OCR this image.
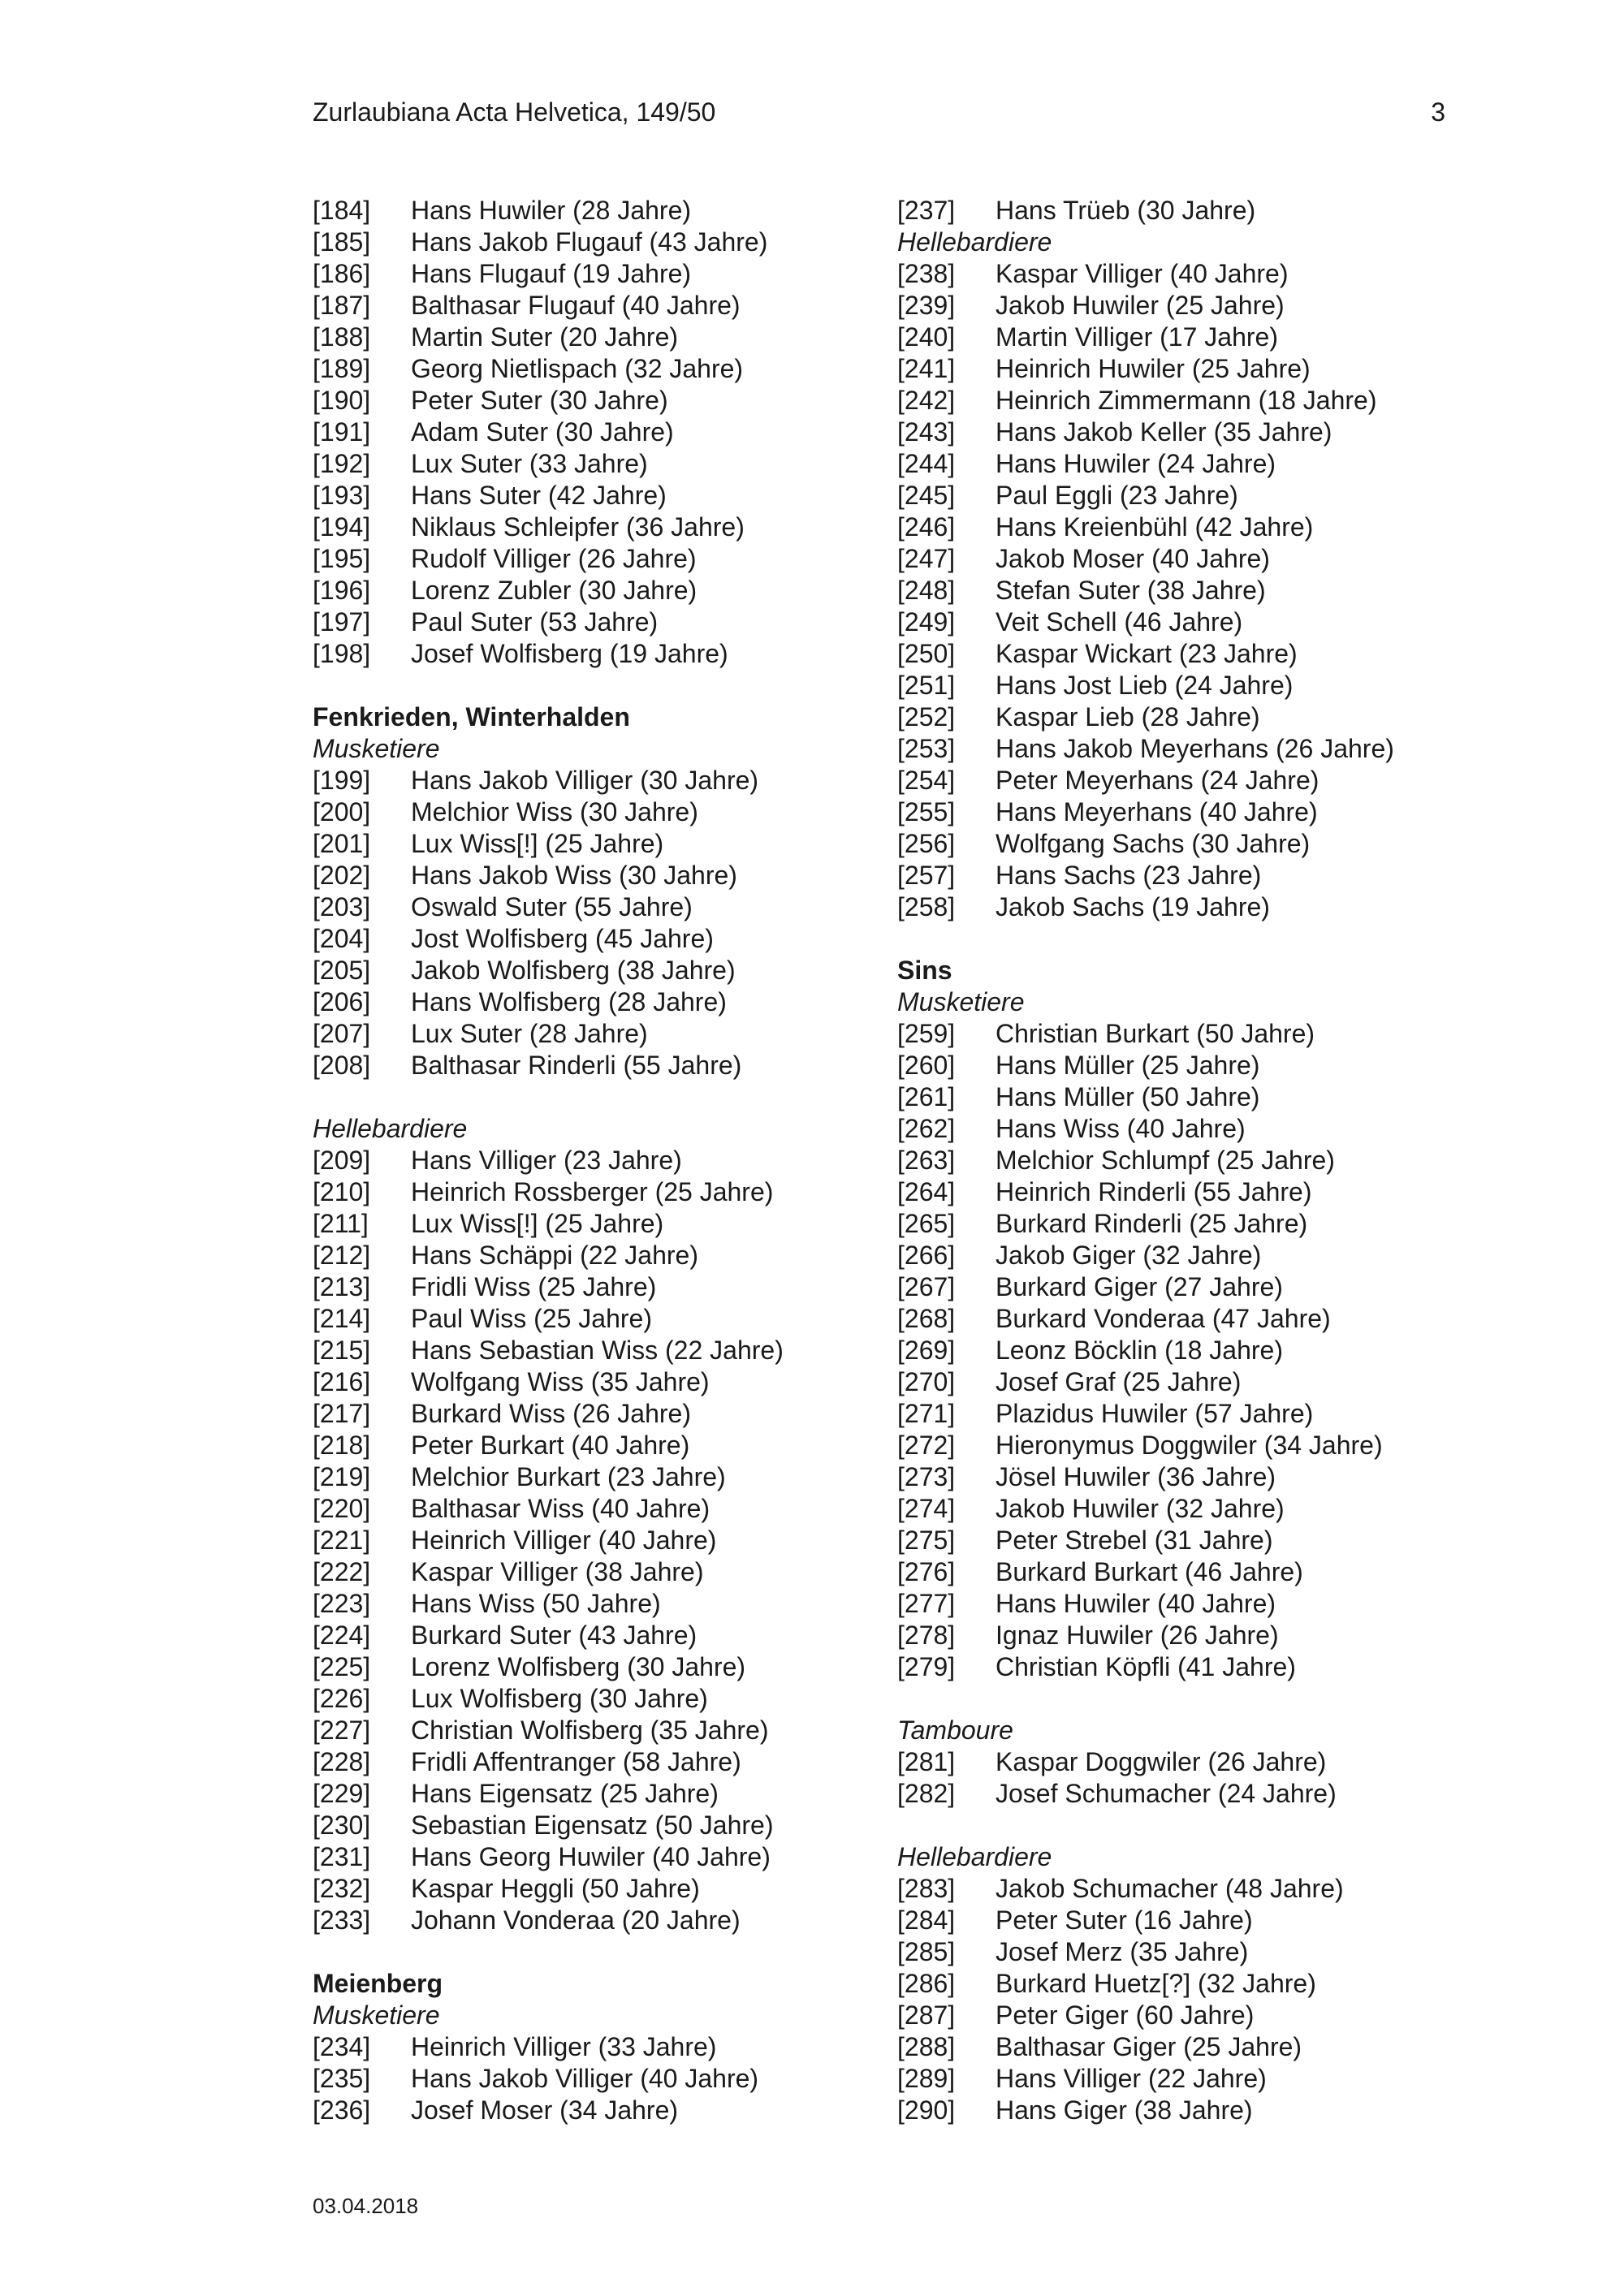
Zurlaubiana Acta Helvetica, 149/50	3
[184] Hans Huwiler (28 Jahre)
[185] Hans Jakob Flugauf (43 Jahre)
[186] Hans Flugauf (19 Jahre)
[187] Balthasar Flugauf (40 Jahre)
[188] Martin Suter (20 Jahre)
[189] Georg Nietlispach (32 Jahre)
[190] Peter Suter (30 Jahre)
[191] Adam Suter (30 Jahre)
[192] Lux Suter (33 Jahre)
[193] Hans Suter (42 Jahre)
[194] Niklaus Schleipfer (36 Jahre)
[195] Rudolf Villiger (26 Jahre)
[196] Lorenz Zubler (30 Jahre)
[197] Paul Suter (53 Jahre)
[198] Josef Wolfisberg (19 Jahre)
Fenkrieden, Winterhalden
Musketiere
[199] Hans Jakob Villiger (30 Jahre)
[200] Melchior Wiss (30 Jahre)
[201] Lux Wiss[!] (25 Jahre)
[202] Hans Jakob Wiss (30 Jahre)
[203] Oswald Suter (55 Jahre)
[204] Jost Wolfisberg (45 Jahre)
[205] Jakob Wolfisberg (38 Jahre)
[206] Hans Wolfisberg (28 Jahre)
[207] Lux Suter (28 Jahre)
[208] Balthasar Rinderli (55 Jahre)
Hellebardiere
[209] Hans Villiger (23 Jahre)
[210] Heinrich Rossberger (25 Jahre)
[211] Lux Wiss[!] (25 Jahre)
[212] Hans Schäppi (22 Jahre)
[213] Fridli Wiss (25 Jahre)
[214] Paul Wiss (25 Jahre)
[215] Hans Sebastian Wiss (22 Jahre)
[216] Wolfgang Wiss (35 Jahre)
[217] Burkard Wiss (26 Jahre)
[218] Peter Burkart (40 Jahre)
[219] Melchior Burkart (23 Jahre)
[220] Balthasar Wiss (40 Jahre)
[221] Heinrich Villiger (40 Jahre)
[222] Kaspar Villiger (38 Jahre)
[223] Hans Wiss (50 Jahre)
[224] Burkard Suter (43 Jahre)
[225] Lorenz Wolfisberg (30 Jahre)
[226] Lux Wolfisberg (30 Jahre)
[227] Christian Wolfisberg (35 Jahre)
[228] Fridli Affentranger (58 Jahre)
[229] Hans Eigensatz (25 Jahre)
[230] Sebastian Eigensatz (50 Jahre)
[231] Hans Georg Huwiler (40 Jahre)
[232] Kaspar Heggli (50 Jahre)
[233] Johann Vonderaa (20 Jahre)
Meienberg
Musketiere
[234] Heinrich Villiger (33 Jahre)
[235] Hans Jakob Villiger (40 Jahre)
[236] Josef Moser (34 Jahre)
[237] Hans Trüeb (30 Jahre)
Hellebardiere
[238] Kaspar Villiger (40 Jahre)
[239] Jakob Huwiler (25 Jahre)
[240] Martin Villiger (17 Jahre)
[241] Heinrich Huwiler (25 Jahre)
[242] Heinrich Zimmermann (18 Jahre)
[243] Hans Jakob Keller (35 Jahre)
[244] Hans Huwiler (24 Jahre)
[245] Paul Eggli (23 Jahre)
[246] Hans Kreienbühl (42 Jahre)
[247] Jakob Moser (40 Jahre)
[248] Stefan Suter (38 Jahre)
[249] Veit Schell (46 Jahre)
[250] Kaspar Wickart (23 Jahre)
[251] Hans Jost Lieb (24 Jahre)
[252] Kaspar Lieb (28 Jahre)
[253] Hans Jakob Meyerhans (26 Jahre)
[254] Peter Meyerhans (24 Jahre)
[255] Hans Meyerhans (40 Jahre)
[256] Wolfgang Sachs (30 Jahre)
[257] Hans Sachs (23 Jahre)
[258] Jakob Sachs (19 Jahre)
Sins
Musketiere
[259] Christian Burkart (50 Jahre)
[260] Hans Müller (25 Jahre)
[261] Hans Müller (50 Jahre)
[262] Hans Wiss (40 Jahre)
[263] Melchior Schlumpf (25 Jahre)
[264] Heinrich Rinderli (55 Jahre)
[265] Burkard Rinderli (25 Jahre)
[266] Jakob Giger (32 Jahre)
[267] Burkard Giger (27 Jahre)
[268] Burkard Vonderaa (47 Jahre)
[269] Leonz Böcklin (18 Jahre)
[270] Josef Graf (25 Jahre)
[271] Plazidus Huwiler (57 Jahre)
[272] Hieronymus Doggwiler (34 Jahre)
[273] Jösel Huwiler (36 Jahre)
[274] Jakob Huwiler (32 Jahre)
[275] Peter Strebel (31 Jahre)
[276] Burkard Burkart (46 Jahre)
[277] Hans Huwiler (40 Jahre)
[278] Ignaz Huwiler (26 Jahre)
[279] Christian Köpfli (41 Jahre)
Tamboure
[281] Kaspar Doggwiler (26 Jahre)
[282] Josef Schumacher (24 Jahre)
Hellebardiere
[283] Jakob Schumacher (48 Jahre)
[284] Peter Suter (16 Jahre)
[285] Josef Merz (35 Jahre)
[286] Burkard Huetz[?] (32 Jahre)
[287] Peter Giger (60 Jahre)
[288] Balthasar Giger (25 Jahre)
[289] Hans Villiger (22 Jahre)
[290] Hans Giger (38 Jahre)
03.04.2018
